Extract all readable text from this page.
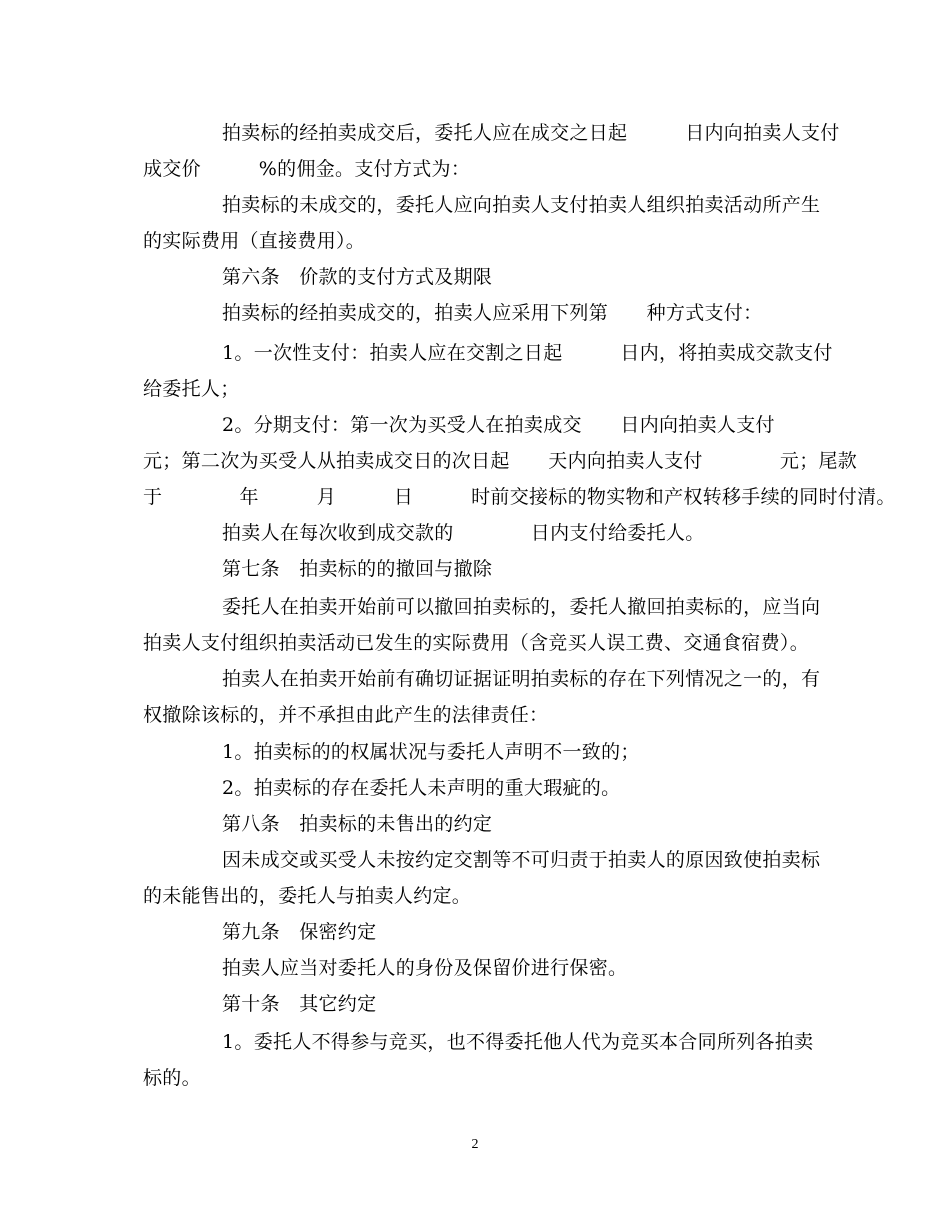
拍卖标的经拍卖成交后，委托人应在成交之日起　　　日内向拍卖人支付
成交价　　　%的佣金。支付方式为：
拍卖标的未成交的，委托人应向拍卖人支付拍卖人组织拍卖活动所产生
的实际费用（直接费用）。
第六条　价款的支付方式及期限
拍卖标的经拍卖成交的，拍卖人应采用下列第　　种方式支付：
1。一次性支付：拍卖人应在交割之日起　　　日内，将拍卖成交款支付
给委托人；
2。分期支付：第一次为买受人在拍卖成交　　日内向拍卖人支付
元；第二次为买受人从拍卖成交日的次日起　　天内向拍卖人支付　　　　元；尾款
于　　　　年　　　月　　　日　　　时前交接标的物实物和产权转移手续的同时付清。
拍卖人在每次收到成交款的　　　　日内支付给委托人。
第七条　拍卖标的的撤回与撤除
委托人在拍卖开始前可以撤回拍卖标的，委托人撤回拍卖标的，应当向
拍卖人支付组织拍卖活动已发生的实际费用（含竞买人误工费、交通食宿费）。
拍卖人在拍卖开始前有确切证据证明拍卖标的存在下列情况之一的，有
权撤除该标的，并不承担由此产生的法律责任：
1。拍卖标的的权属状况与委托人声明不一致的；
2。拍卖标的存在委托人未声明的重大瑕疵的。
第八条　拍卖标的未售出的约定
因未成交或买受人未按约定交割等不可归责于拍卖人的原因致使拍卖标
的未能售出的，委托人与拍卖人约定。
第九条　保密约定
拍卖人应当对委托人的身份及保留价进行保密。
第十条　其它约定
1。委托人不得参与竞买，也不得委托他人代为竞买本合同所列各拍卖
标的。
2
